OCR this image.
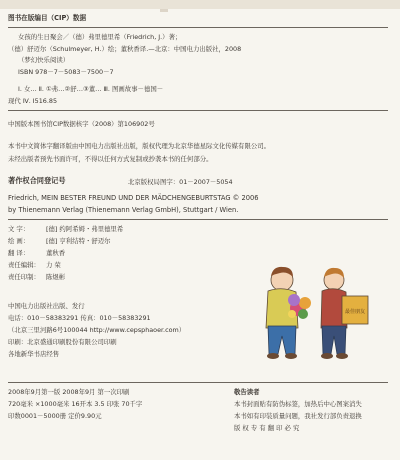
图书在版编目（CIP）数据
女孩的生日聚会／（德）弗里德里希（Friedrich, J.）著；
（德）舒迈尔（Schulmeyer, H.）绘；董秋香译.—北京：中国电力出版社，2008
（梦幻快乐阅读）
ISBN 978－7－5083－7500－7
Ⅰ. 女… Ⅱ. ①弗…②舒…③董… Ⅲ. 图画故事－德国－
现代 Ⅳ. I516.85
中国版本图书馆CIP数据核字（2008）第106902号
本书中文简体字翻译版由中国电力出版社出版，版权代理为北京华德星际文化传媒有限公司。
未经出版者预先书面许可，不得以任何方式复制或抄袭本书的任何部分。
著作权合同登记号	北京版权局图字：01－2007－5054
Friedrich, MEIN BESTER FREUND UND DER MÄDCHENGEBURTSTAG © 2006
by Thienemann Verlag (Thienemann Verlag GmbH), Stuttgart / Wien.
文 字：	[德] 约阿希姆・弗里德里希
绘 画：	[德] 亨利结特・舒迈尔
翻 译：	董秋香
责任编辑： 力 荣
责任印制： 陈煜彬
中国电力出版社出版、发行
电话：010－58383291 传真：010－58383291
（北京三里河路6号100044 http://www.cepsphaoer.com）
印刷：北京盛通印刷股份有限公司印刷
各地新华书店经售
2008年9月第一版 2008年9月 第一次印刷
720毫米 ×1000毫米 16开本 3.5 印张 70千字
印数0001－5000册 定价9.90元
敬告读者
本书封面贴有防伪标签，加热后中心图案消失
本书如有印装质量问题，我社发行部负责退换
版 权 专 有 翻 印 必 究
最佳朋友
